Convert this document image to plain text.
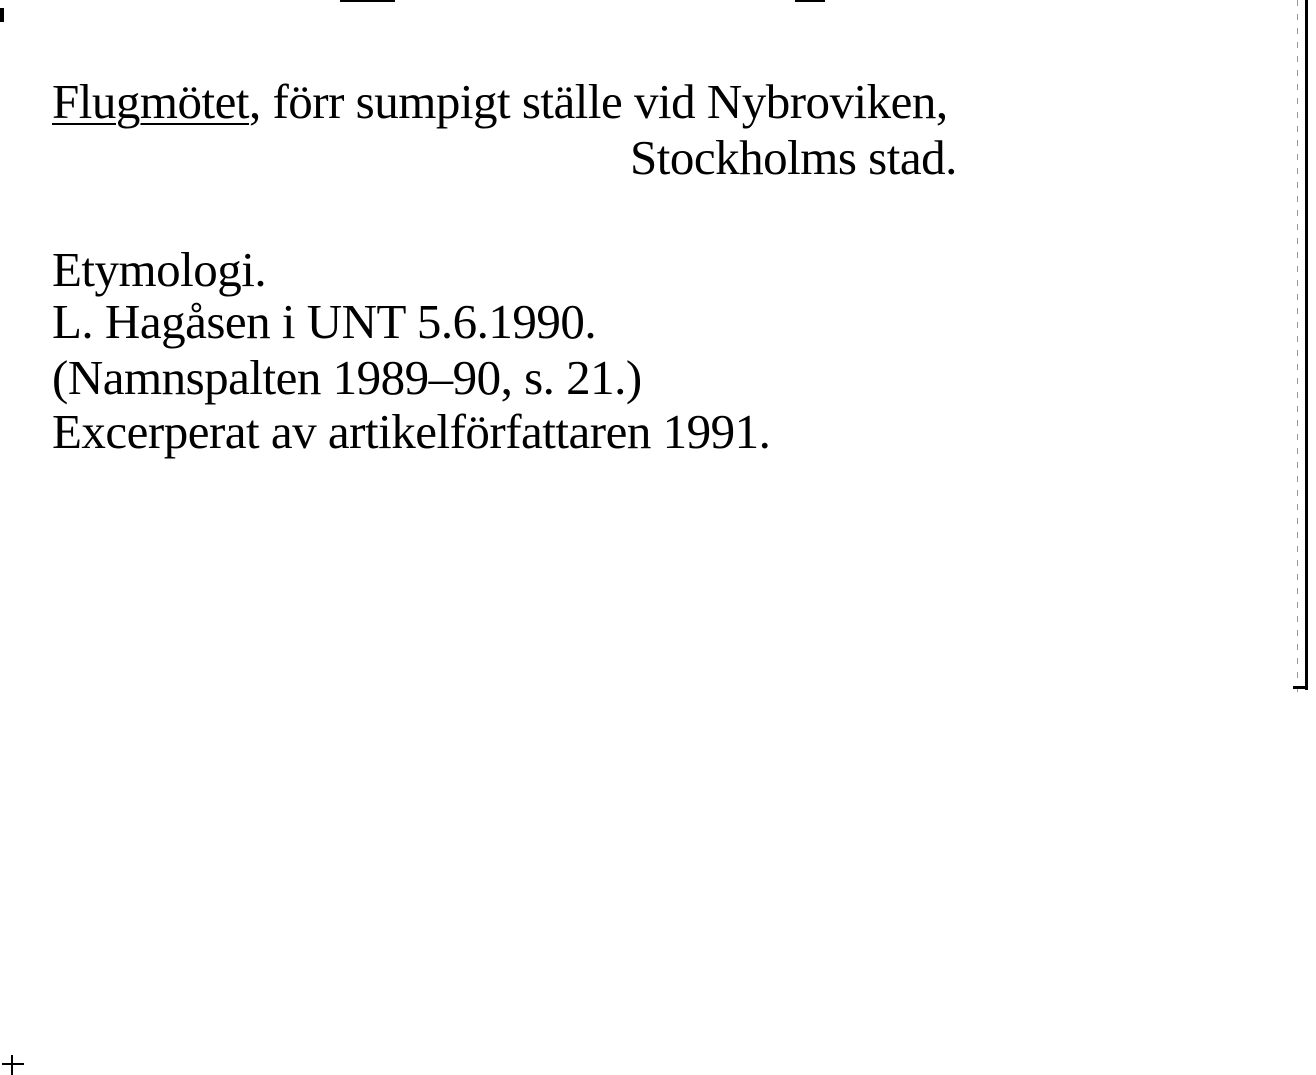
Flugmötet, förr sumpigt ställe vid Nybroviken,
Stockholms stad.
Etymologi.
L. Hagåsen i UNT 5.6.1990.
(Namnspalten 1989–90, s. 21.)
Excerperat av artikelförfattaren 1991.
